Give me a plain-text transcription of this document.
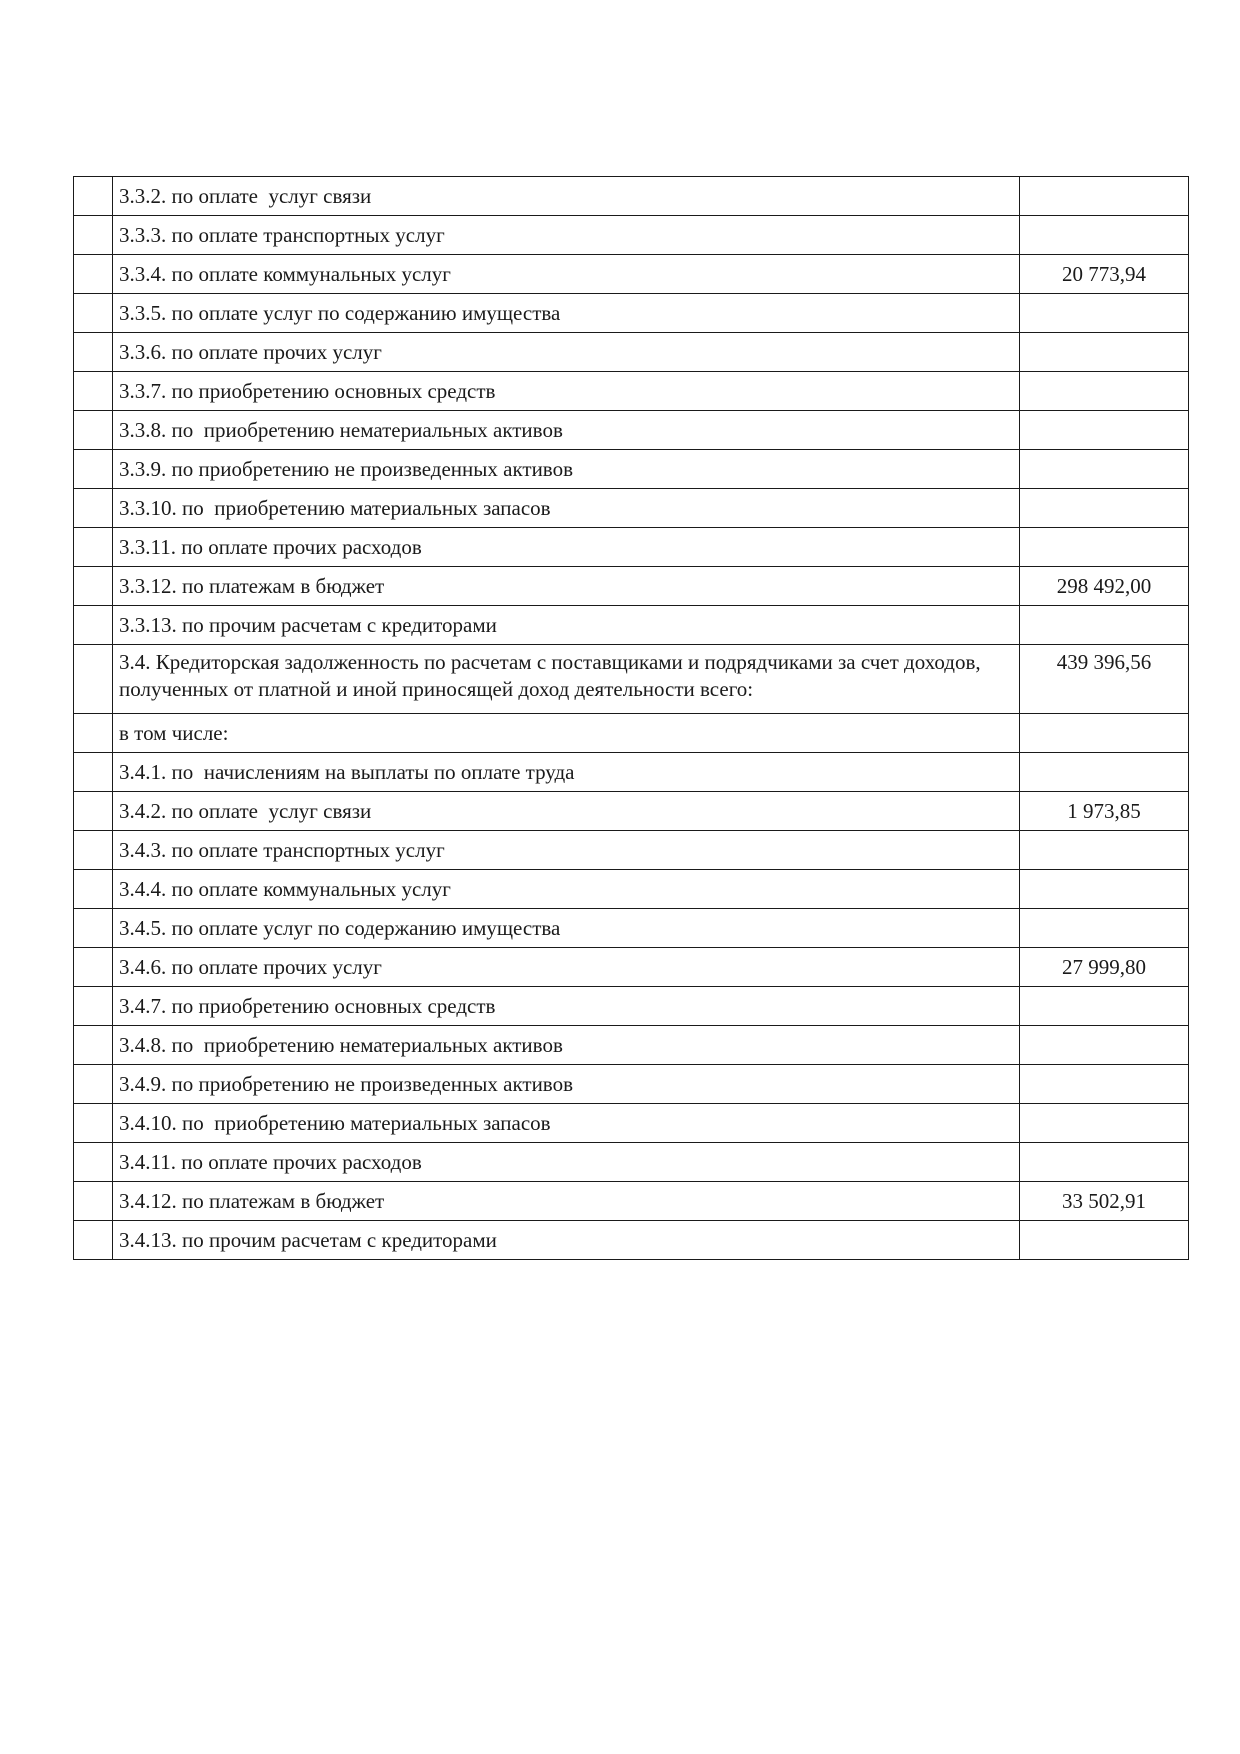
	3.3.2. по оплате  услуг связи	
	3.3.3. по оплате транспортных услуг	
	3.3.4. по оплате коммунальных услуг	20 773,94
	3.3.5. по оплате услуг по содержанию имущества	
	3.3.6. по оплате прочих услуг	
	3.3.7. по приобретению основных средств	
	3.3.8. по  приобретению нематериальных активов	
	3.3.9. по приобретению не произведенных активов	
	3.3.10. по  приобретению материальных запасов	
	3.3.11. по оплате прочих расходов	
	3.3.12. по платежам в бюджет	298 492,00
	3.3.13. по прочим расчетам с кредиторами	
	3.4. Кредиторская задолженность по расчетам с поставщиками и подрядчиками за счет доходов, полученных от платной и иной приносящей доход деятельности всего:	439 396,56
	в том числе:	
	3.4.1. по  начислениям на выплаты по оплате труда	
	3.4.2. по оплате  услуг связи	1 973,85
	3.4.3. по оплате транспортных услуг	
	3.4.4. по оплате коммунальных услуг	
	3.4.5. по оплате услуг по содержанию имущества	
	3.4.6. по оплате прочих услуг	27 999,80
	3.4.7. по приобретению основных средств	
	3.4.8. по  приобретению нематериальных активов	
	3.4.9. по приобретению не произведенных активов	
	3.4.10. по  приобретению материальных запасов	
	3.4.11. по оплате прочих расходов	
	3.4.12. по платежам в бюджет	33 502,91
	3.4.13. по прочим расчетам с кредиторами	
